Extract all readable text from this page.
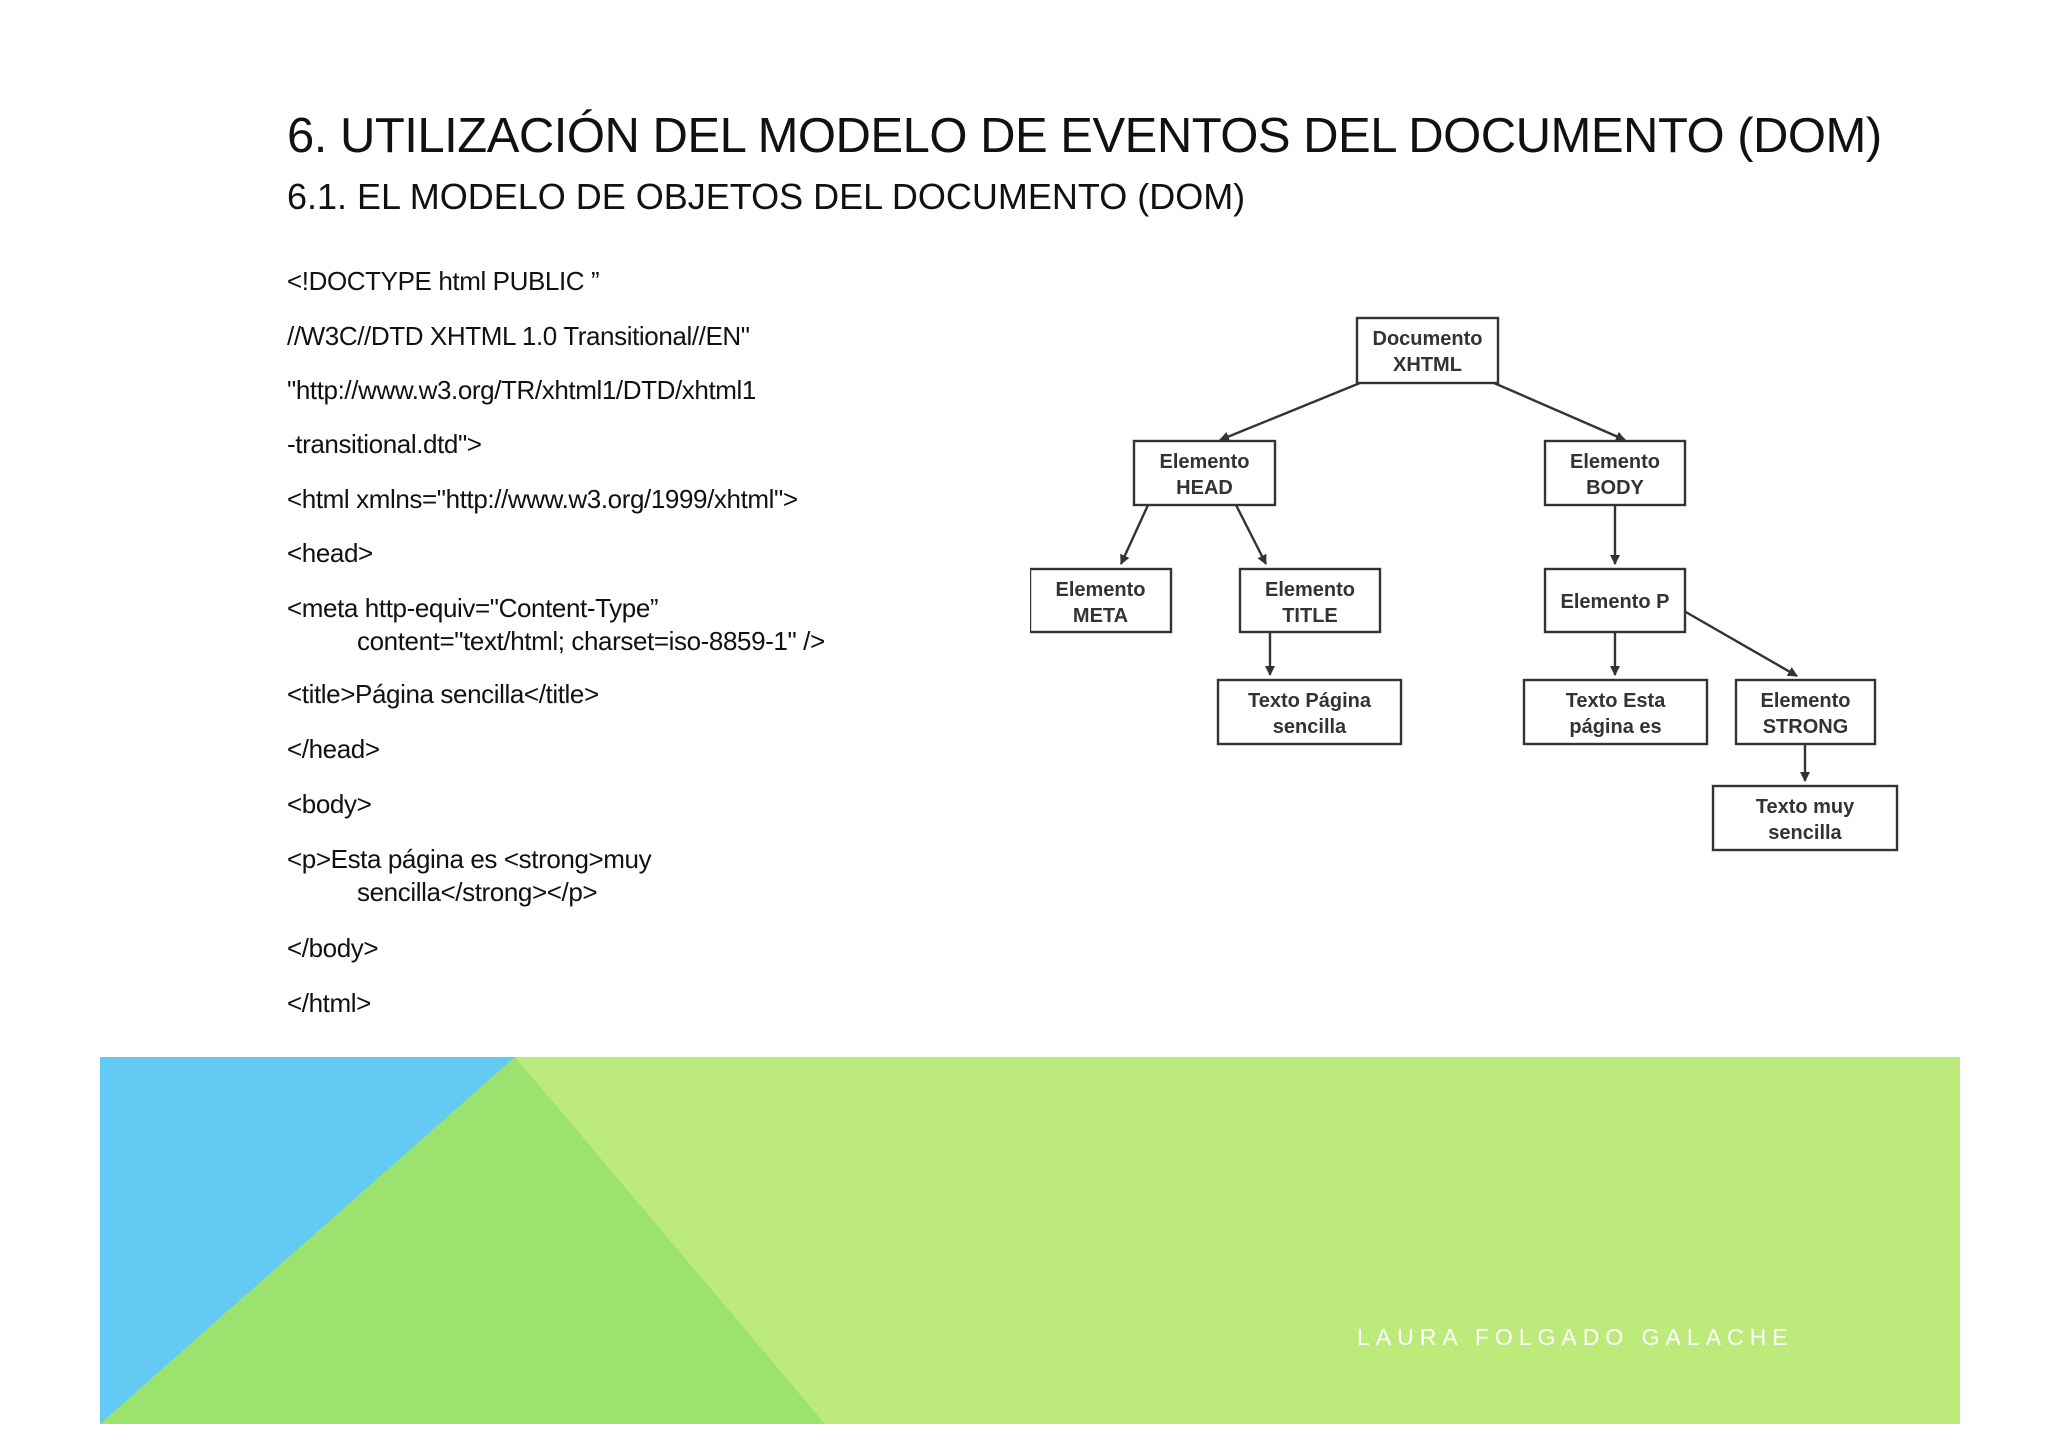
6. UTILIZACIÓN DEL MODELO DE EVENTOS DEL DOCUMENTO (DOM)
6.1. EL MODELO DE OBJETOS DEL DOCUMENTO (DOM)
<!DOCTYPE html PUBLIC ”
//W3C//DTD XHTML 1.0 Transitional//EN"
"http://www.w3.org/TR/xhtml1/DTD/xhtml1
-transitional.dtd">
<html xmlns="http://www.w3.org/1999/xhtml">
<head>
<meta http-equiv="Content-Type”
content="text/html; charset=iso-8859-1" />
<title>Página sencilla</title>
</head>
<body>
<p>Esta página es <strong>muy
sencilla</strong></p>
</body>
</html>
Documento
XHTML
Elemento
HEAD
Elemento
BODY
Elemento
META
Elemento
TITLE
Elemento P
Texto Página
sencilla
Texto Esta
página es
Elemento
STRONG
Texto muy
sencilla
LAURA FOLGADO GALACHE
